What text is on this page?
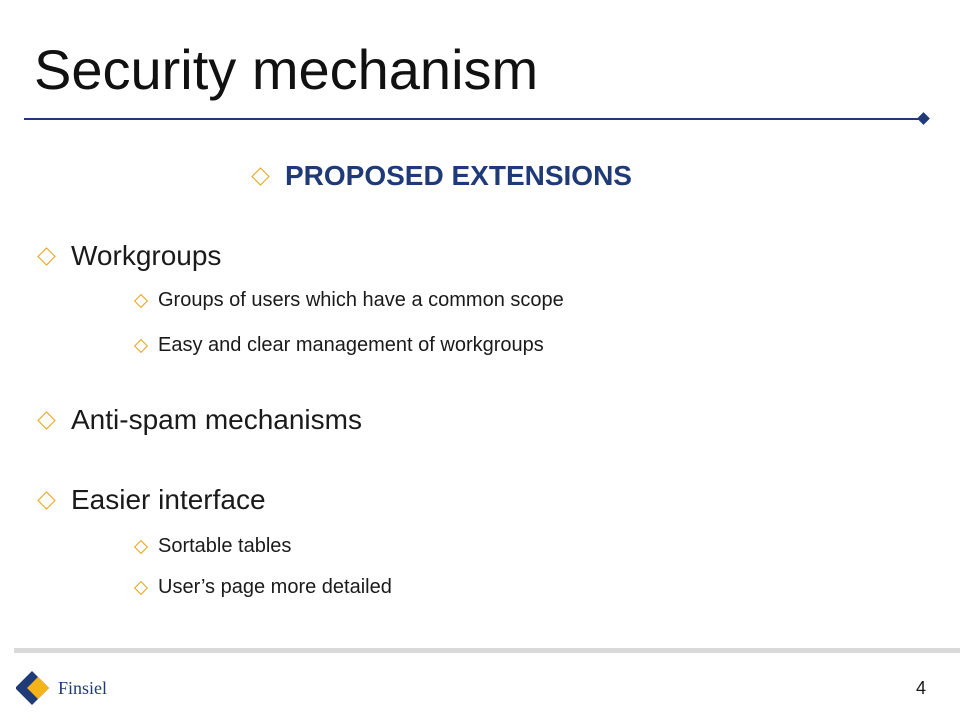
Security mechanism
PROPOSED EXTENSIONS
Workgroups
Groups of users which have a common scope
Easy and clear management of workgroups
Anti-spam mechanisms
Easier interface
Sortable tables
User’s page more detailed
Finsiel	4
